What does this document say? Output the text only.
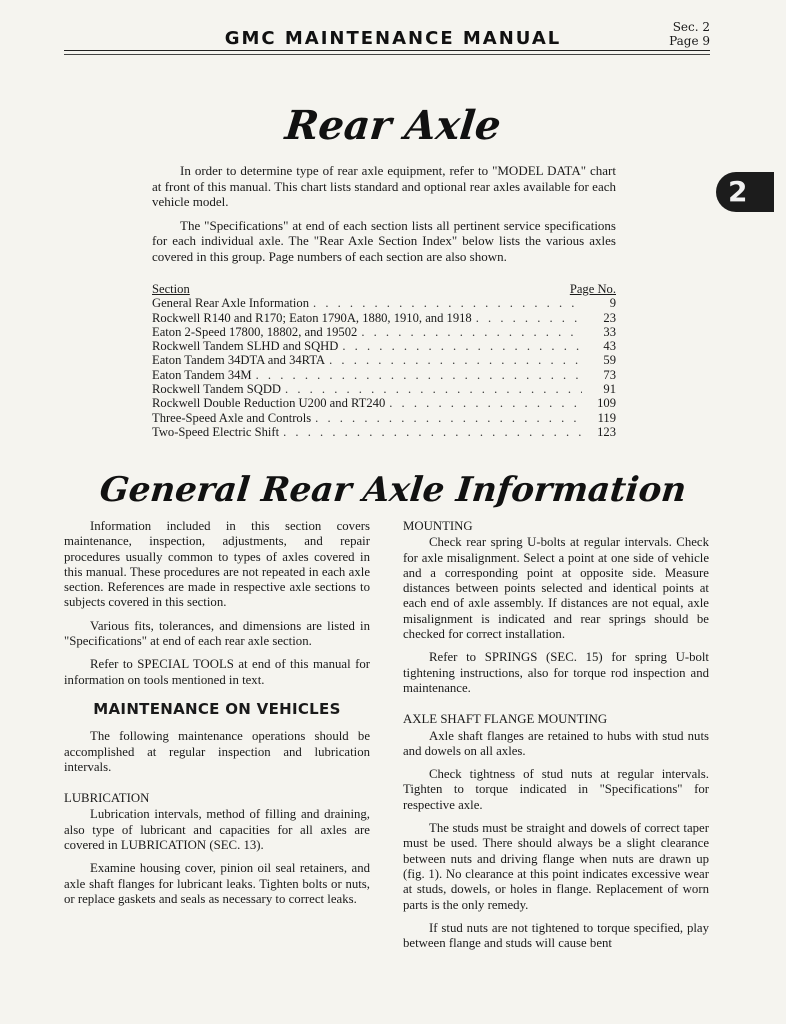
GMC MAINTENANCE MANUAL
Sec. 2
Page 9
2
Rear Axle

In order to determine type of rear axle equipment, refer to "MODEL DATA" chart at front of this manual. This chart lists standard and optional rear axles available for each vehicle model.

The "Specifications" at end of each section lists all pertinent service specifications for each individual axle. The "Rear Axle Section Index" below lists the various axles covered in this group. Page numbers of each section are also shown.

Section	Page No.
General Rear Axle Information . . .	9
Rockwell R140 and R170; Eaton 1790A, 1880, 1910, and 1918 . . .	23
Eaton 2-Speed 17800, 18802, and 19502 . . .	33
Rockwell Tandem SLHD and SQHD . . .	43
Eaton Tandem 34DTA and 34RTA . . .	59
Eaton Tandem 34M . . .	73
Rockwell Tandem SQDD . . .	91
Rockwell Double Reduction U200 and RT240 . . .	109
Three-Speed Axle and Controls . . .	119
Two-Speed Electric Shift . . .	123
General Rear Axle Information

Information included in this section covers maintenance, inspection, adjustments, and repair procedures usually common to types of axles covered in this manual. These procedures are not repeated in each axle section. References are made in respective axle sections to subjects covered in this section.

Various fits, tolerances, and dimensions are listed in "Specifications" at end of each rear axle section.

Refer to SPECIAL TOOLS at end of this manual for information on tools mentioned in text.

MAINTENANCE ON VEHICLES

The following maintenance operations should be accomplished at regular inspection and lubrication intervals.

LUBRICATION

Lubrication intervals, method of filling and draining, also type of lubricant and capacities for all axles are covered in LUBRICATION (SEC. 13).

Examine housing cover, pinion oil seal retainers, and axle shaft flanges for lubricant leaks. Tighten bolts or nuts, or replace gaskets and seals as necessary to correct leaks.

MOUNTING

Check rear spring U-bolts at regular intervals. Check for axle misalignment. Select a point at one side of vehicle and a corresponding point at opposite side. Measure distances between points selected and identical points at each end of axle assembly. If distances are not equal, axle misalignment is indicated and rear springs should be checked for correct installation.

Refer to SPRINGS (SEC. 15) for spring U-bolt tightening instructions, also for torque rod inspection and maintenance.

AXLE SHAFT FLANGE MOUNTING

Axle shaft flanges are retained to hubs with stud nuts and dowels on all axles.

Check tightness of stud nuts at regular intervals. Tighten to torque indicated in "Specifications" for respective axle.

The studs must be straight and dowels of correct taper must be used. There should always be a slight clearance between nuts and driving flange when nuts are drawn up (fig. 1). No clearance at this point indicates excessive wear at studs, dowels, or holes in flange. Replacement of worn parts is the only remedy.

If stud nuts are not tightened to torque specified, play between flange and studs will cause bent
